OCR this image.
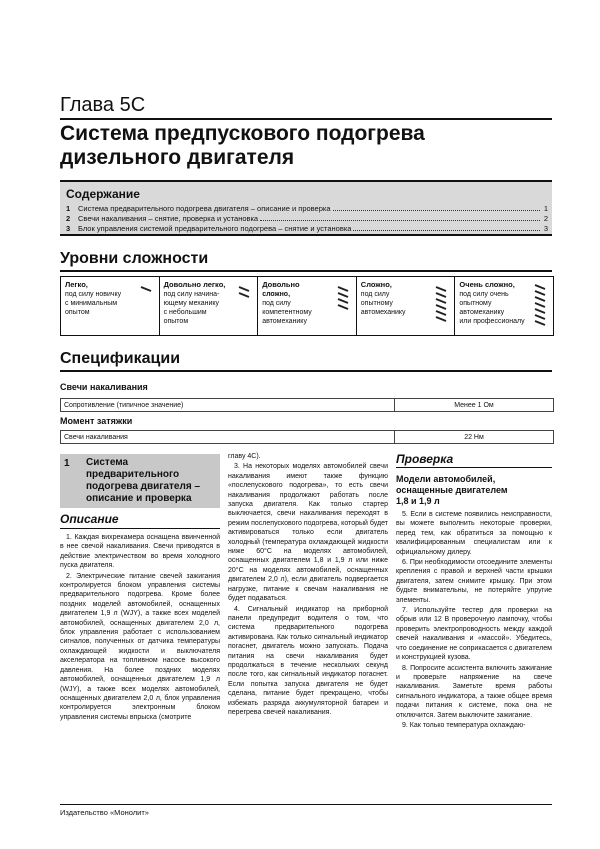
Глава 5C
Система предпускового подогрева
дизельного двигателя
Содержание
1	Система предварительного подогрева двигателя – описание и проверка	1
2	Свечи накаливания – снятие, проверка и установка	2
3	Блок управления системой предварительного подогрева – снятие и установка	3
Уровни сложности
Легко,
под силу новичку
с минимальным
опытом
Довольно легко,
под силу начина-
ющему механику
с небольшим
опытом
Довольно
сложно,
под силу
компетентному
автомеханику
Сложно,
под силу
опытному
автомеханику
Очень сложно,
под силу очень
опытному
автомеханику
или профессионалу
Спецификации
Свечи накаливания
Сопротивление (типичное значение)	Менее 1 Ом
Момент затяжки
Свечи накаливания	22 Нм
1 Система
предварительного
подогрева двигателя –
описание и проверка
Описание

1. Каждая вихрекамера оснащена ввинченной в нее свечой накаливания. Свечи приводятся в действие электричеством во время холодного пуска двигателя.

2. Электрические питание свечей зажигания контролируется блоком управления системы предварительного подогрева. Кроме более поздних моделей автомобилей, оснащенных двигателем 1,9 л (WJY), а также всех моделей автомобилей, оснащенных двигателем 2,0 л, блок управления работает с использованием сигналов, полученных от датчика температуры охлаждающей жидкости и выключателя акселератора на топливном насосе высокого давления. На более поздних моделях автомобилей, оснащенных двигателем 1,9 л (WJY), а также всех моделях автомобилей, оснащенных двигателем 2,0 л, блок управления контролируется электронным блоком управления системы впрыска (смотрите

главу 4С).

3. На некоторых моделях автомобилей свечи накаливания имеют также функцию «послепускового подогрева», то есть свечи накаливания продолжают работать после запуска двигателя. Как только стартер выключается, свечи накаливания переходят в режим послепускового подогрева, который будет активироваться только если двигатель холодный (температура охлаждающей жидкости ниже 60°С на моделях автомобилей, оснащенных двигателем 1,8 и 1,9 л или ниже 20°С на моделях автомобилей, оснащенных двигателем 2,0 л), если двигатель подвергается нагрузке, питание к свечам накаливания не будет подаваться.

4. Сигнальный индикатор на приборной панели предупредит водителя о том, что система предварительного подогрева активирована. Как только сигнальный индикатор погаснет, двигатель можно запускать. Подача питания на свечи накаливания будет продолжаться в течение нескольких секунд после того, как сигнальный индикатор погаснет. Если попытка запуска двигателя не будет сделана, питание будет прекращено, чтобы избежать разряда аккумуляторной батареи и перегрева свечей накаливания.

Проверка
Модели автомобилей,
оснащенные двигателем
1,8 и 1,9 л

5. Если в системе появились неисправности, вы можете выполнить некоторые проверки, перед тем, как обратиться за помощью к квалифицированным специалистам или к официальному дилеру.

6. При необходимости отсоедините элементы крепления с правой и верхней части крышки двигателя, затем снимите крышку. При этом будьте внимательны, не потеряйте упругие элементы.

7. Используйте тестер для проверки на обрыв или 12 В проверочную лампочку, чтобы проверить электропроводность между каждой свечей накаливания и «массой». Убедитесь, что соединение не соприкасается с двигателем и конструкцией кузова.

8. Попросите ассистента включить зажигание и проверьте напряжение на свече накаливания. Заметьте время работы сигнального индикатора, а также общее время подачи питания к системе, пока она не отключится. Затем выключите зажигание.

9. Как только температура охлаждаю-

Издательство «Монолит»
